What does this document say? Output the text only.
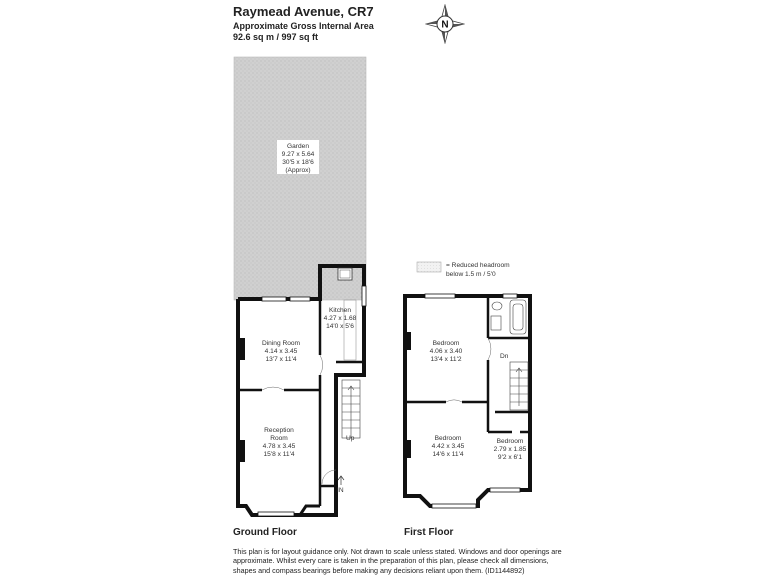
Raymead Avenue, CR7
Approximate Gross Internal Area
92.6 sq m / 997 sq ft
N
= Reduced headroom
below 1.5 m / 5'0
Garden
9.27 x 5.64
30'5 x 18'6
(Approx)
Kitchen
4.27 x 1.68
14'0 x 5'6
Dining Room
4.14 x 3.45
13'7 x 11'4
Reception
Room
4.78 x 3.45
15'8 x 11'4
Bedroom
4.06 x 3.40
13'4 x 11'2
Bedroom
4.42 x 3.45
14'6 x 11'4
Bedroom
2.79 x 1.85
9'2 x 6'1
Up
Dn
IN
Ground Floor	First Floor
This plan is for layout guidance only. Not drawn to scale unless stated. Windows and door openings are approximate. Whilst every care is taken in the preparation of this plan, please check all dimensions, shapes and compass bearings before making any decisions reliant upon them. (ID1144892)
